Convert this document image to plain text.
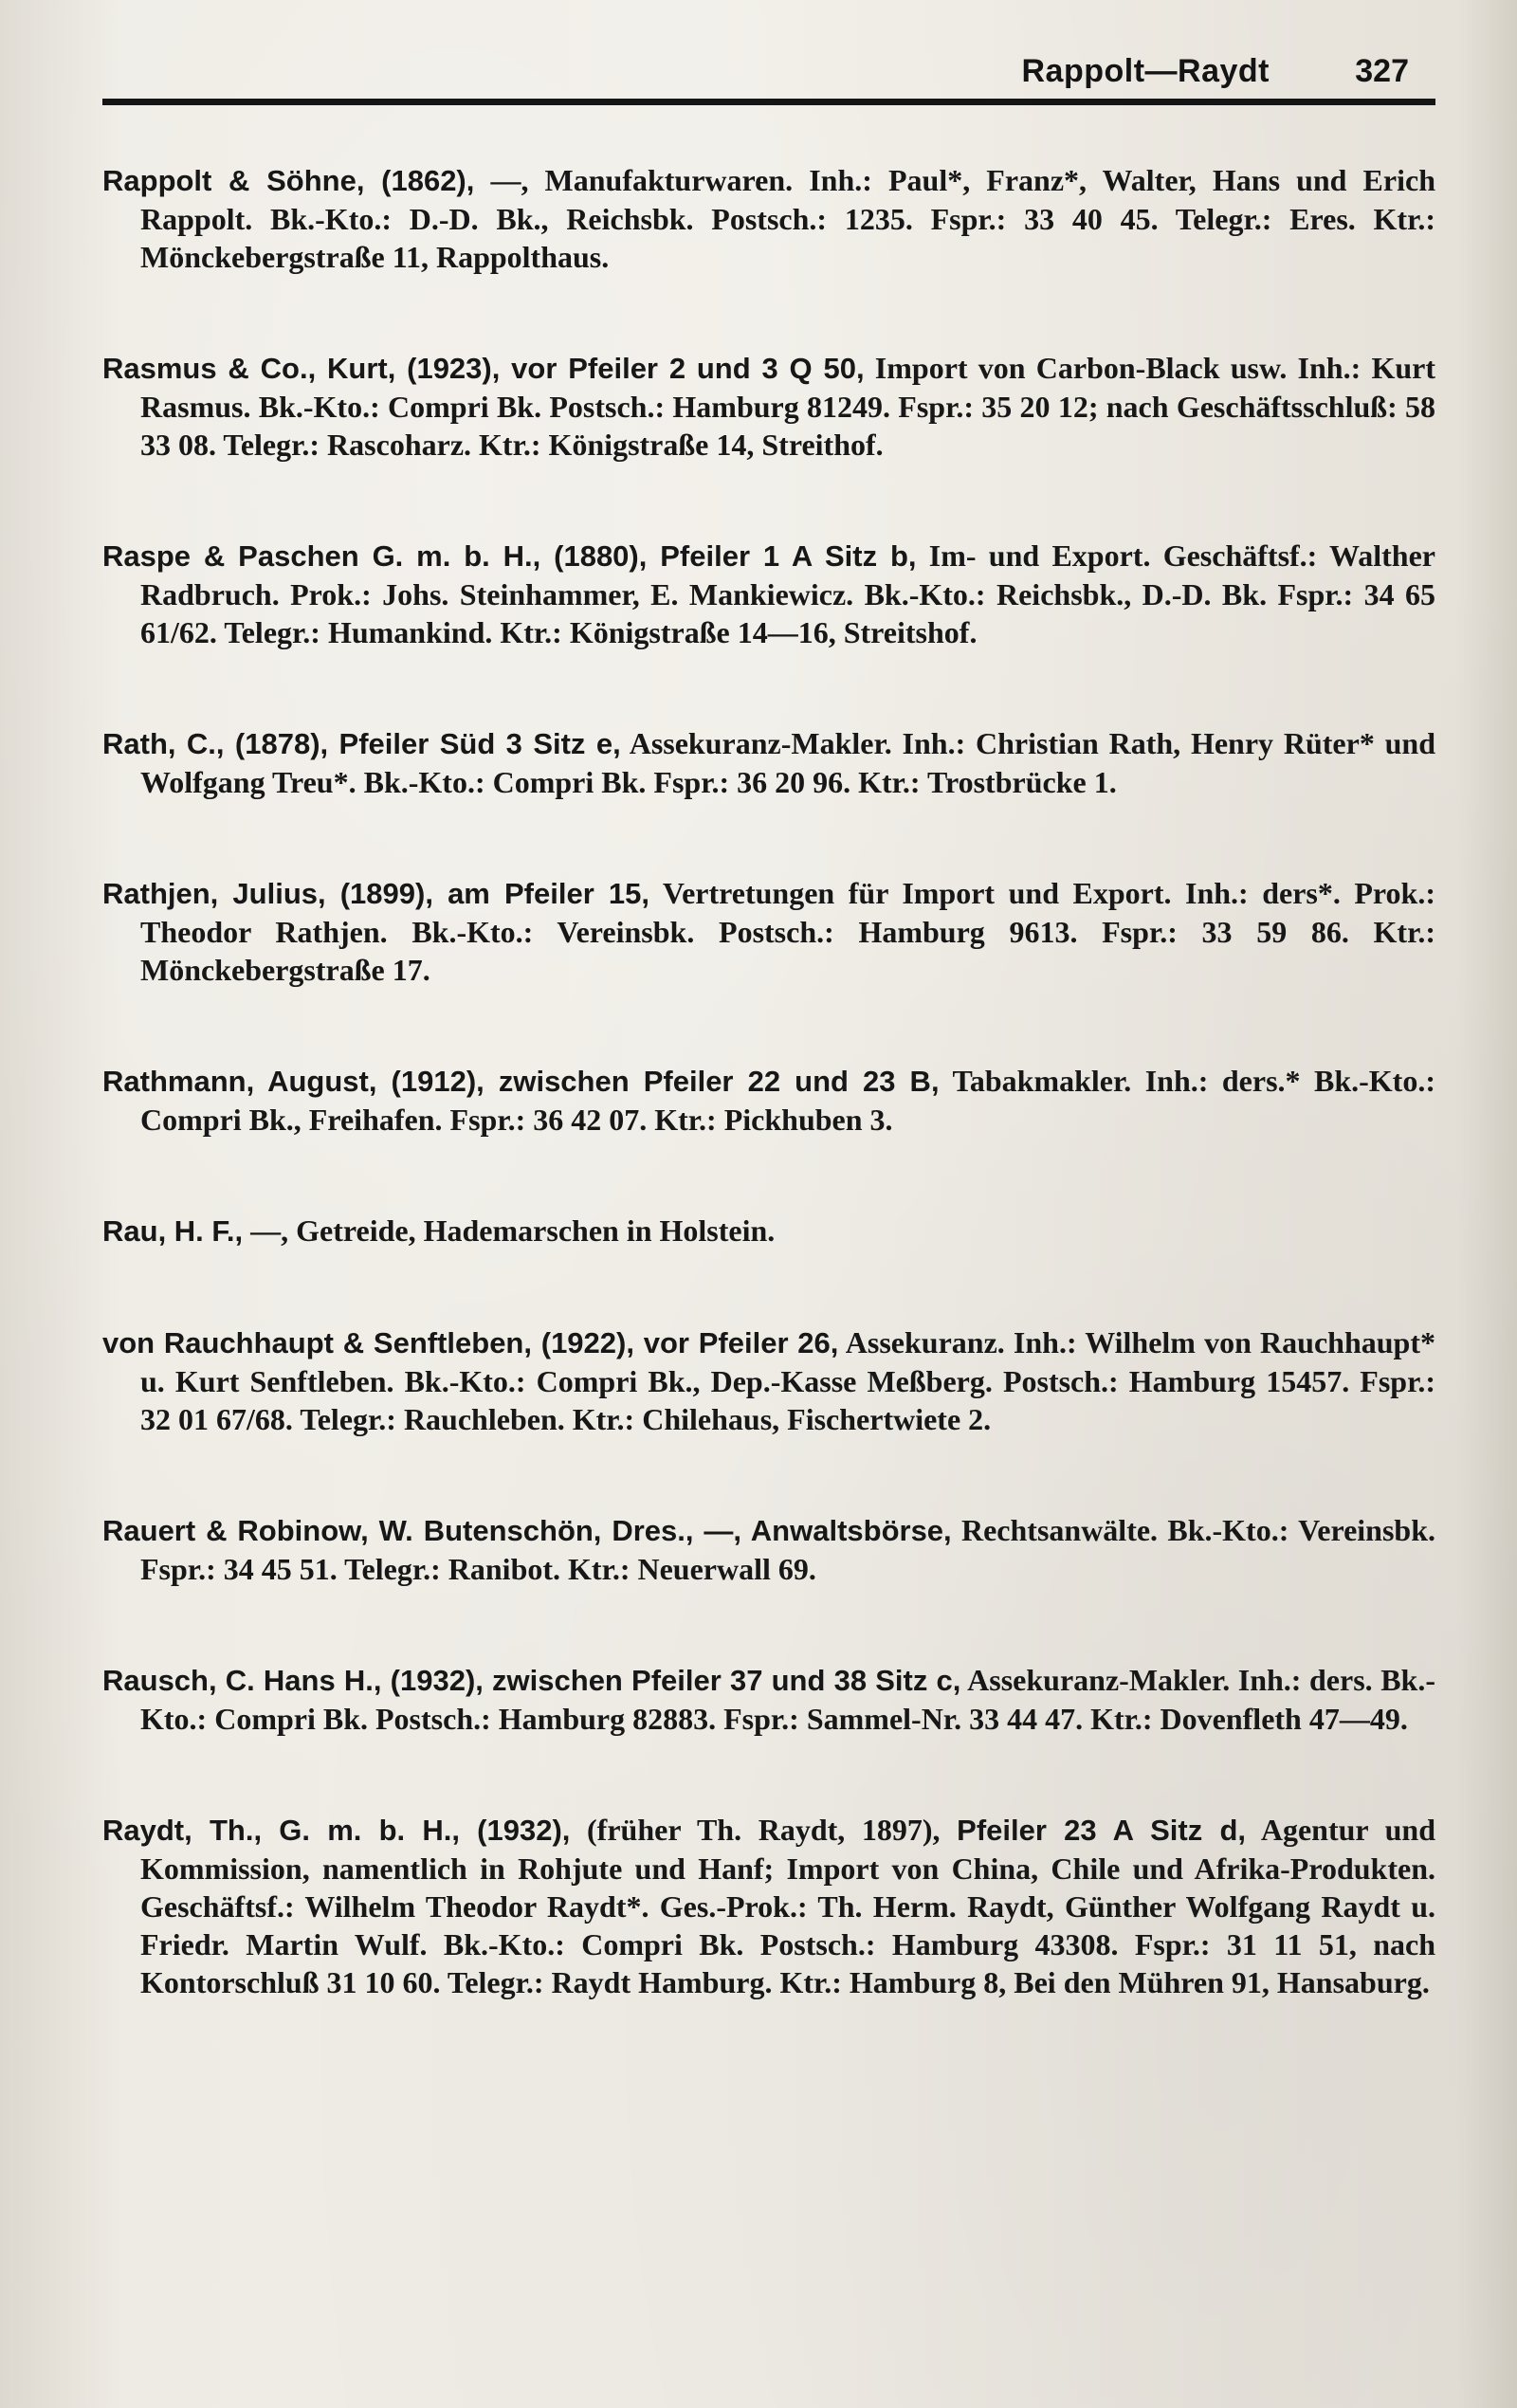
Rappolt—Raydt	327

Rappolt & Söhne, (1862), —, Manufakturwaren. Inh.: Paul*, Franz*, Walter, Hans und Erich Rappolt. Bk.-Kto.: D.-D. Bk., Reichsbk. Postsch.: 1235. Fspr.: 33 40 45. Telegr.: Eres. Ktr.: Mönckebergstraße 11, Rappolthaus.

Rasmus & Co., Kurt, (1923), vor Pfeiler 2 und 3 Q 50, Import von Carbon-Black usw. Inh.: Kurt Rasmus. Bk.-Kto.: Compri Bk. Postsch.: Hamburg 81249. Fspr.: 35 20 12; nach Geschäftsschluß: 58 33 08. Telegr.: Rascoharz. Ktr.: Königstraße 14, Streithof.

Raspe & Paschen G. m. b. H., (1880), Pfeiler 1 A Sitz b, Im- und Export. Geschäftsf.: Walther Radbruch. Prok.: Johs. Steinhammer, E. Mankiewicz. Bk.-Kto.: Reichsbk., D.-D. Bk. Fspr.: 34 65 61/62. Telegr.: Humankind. Ktr.: Königstraße 14—16, Streitshof.

Rath, C., (1878), Pfeiler Süd 3 Sitz e, Assekuranz-Makler. Inh.: Christian Rath, Henry Rüter* und Wolfgang Treu*. Bk.-Kto.: Compri Bk. Fspr.: 36 20 96. Ktr.: Trostbrücke 1.

Rathjen, Julius, (1899), am Pfeiler 15, Vertretungen für Import und Export. Inh.: ders*. Prok.: Theodor Rathjen. Bk.-Kto.: Vereinsbk. Postsch.: Hamburg 9613. Fspr.: 33 59 86. Ktr.: Mönckebergstraße 17.

Rathmann, August, (1912), zwischen Pfeiler 22 und 23 B, Tabakmakler. Inh.: ders.* Bk.-Kto.: Compri Bk., Freihafen. Fspr.: 36 42 07. Ktr.: Pickhuben 3.

Rau, H. F., —, Getreide, Hademarschen in Holstein.

von Rauchhaupt & Senftleben, (1922), vor Pfeiler 26, Assekuranz. Inh.: Wilhelm von Rauchhaupt* u. Kurt Senftleben. Bk.-Kto.: Compri Bk., Dep.-Kasse Meßberg. Postsch.: Hamburg 15457. Fspr.: 32 01 67/68. Telegr.: Rauchleben. Ktr.: Chilehaus, Fischertwiete 2.

Rauert & Robinow, W. Butenschön, Dres., —, Anwaltsbörse, Rechtsanwälte. Bk.-Kto.: Vereinsbk. Fspr.: 34 45 51. Telegr.: Ranibot. Ktr.: Neuerwall 69.

Rausch, C. Hans H., (1932), zwischen Pfeiler 37 und 38 Sitz c, Assekuranz-Makler. Inh.: ders. Bk.-Kto.: Compri Bk. Postsch.: Hamburg 82883. Fspr.: Sammel-Nr. 33 44 47. Ktr.: Dovenfleth 47—49.

Raydt, Th., G. m. b. H., (1932), (früher Th. Raydt, 1897), Pfeiler 23 A Sitz d, Agentur und Kommission, namentlich in Rohjute und Hanf; Import von China, Chile und Afrika-Produkten. Geschäftsf.: Wilhelm Theodor Raydt*. Ges.-Prok.: Th. Herm. Raydt, Günther Wolfgang Raydt u. Friedr. Martin Wulf. Bk.-Kto.: Compri Bk. Postsch.: Hamburg 43308. Fspr.: 31 11 51, nach Kontorschluß 31 10 60. Telegr.: Raydt Hamburg. Ktr.: Hamburg 8, Bei den Mühren 91, Hansaburg.
